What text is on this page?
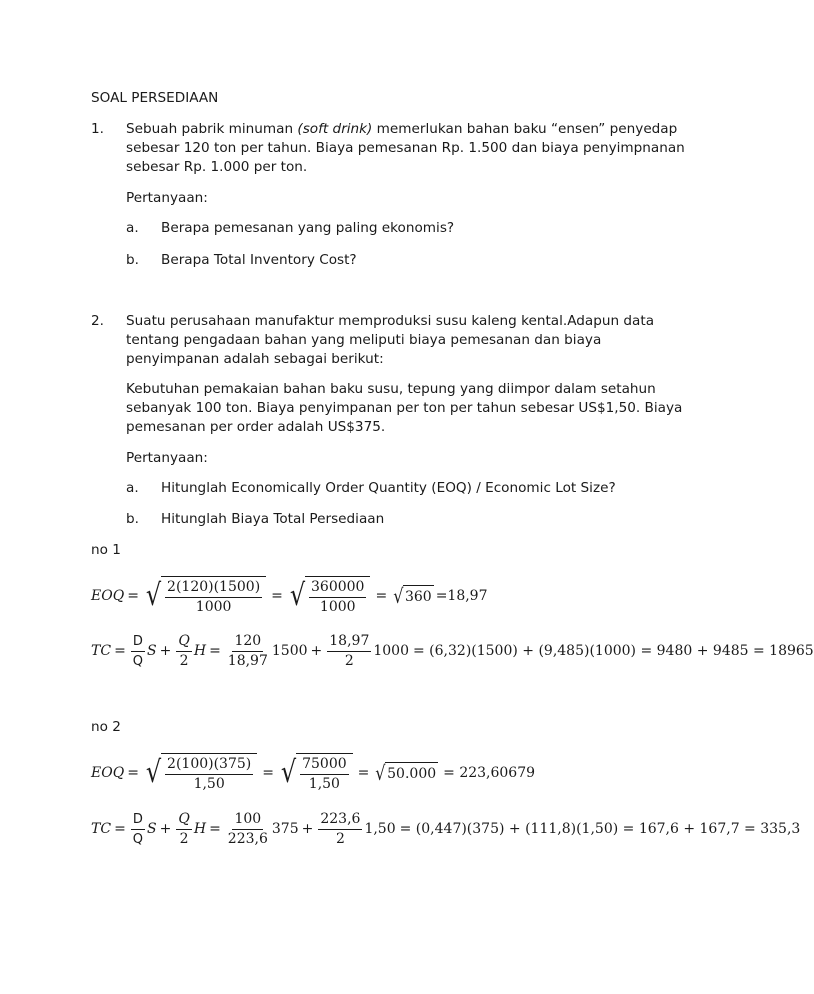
SOAL PERSEDIAAN
1. Sebuah pabrik minuman (soft drink) memerlukan bahan baku “ensen” penyedap sebesar 120 ton per tahun. Biaya pemesanan Rp. 1.500 dan biaya penyimpnanan sebesar Rp. 1.000 per ton.
Pertanyaan:
a. Berapa pemesanan yang paling ekonomis?
b. Berapa Total Inventory Cost?
2. Suatu perusahaan manufaktur memproduksi susu kaleng kental.Adapun data tentang pengadaan bahan yang meliputi biaya pemesanan dan biaya penyimpanan adalah sebagai berikut:
Kebutuhan pemakaian bahan baku susu, tepung yang diimpor dalam setahun sebanyak 100 ton. Biaya penyimpanan per ton per tahun sebesar US$1,50. Biaya pemesanan per order adalah US$375.
Pertanyaan:
a. Hitunglah Economically Order Quantity (EOQ) / Economic Lot Size?
b. Hitunglah Biaya Total Persediaan
no 1
EOQ = √ $\frac{2(120)(1500)}{1000}$ = √ $\frac{360000}{1000}$ = √ 360 =18,97
TC = $\frac{D}{Q}$ $S + \frac{Q}{2}$ $H = \frac{120}{18,97} 1500 + \frac{18,97}{2} 1000 = (6,32)(1500) + (9,485)(1000) = 9480 + 9485 = 18965$
no 2
EOQ = √ $\frac{2(100)(375)}{1,50}$ = √ $\frac{75000}{1,50}$ = √ 50.000 = 223,60679
TC = $\frac{D}{Q}$ $S + \frac{Q}{2}$ $H = \frac{100}{223,6} 375 + \frac{223,6}{2} 1,50 = (0,447)(375) + (111,8)(1,50) = 167,6 + 167,7 = 335,3$
